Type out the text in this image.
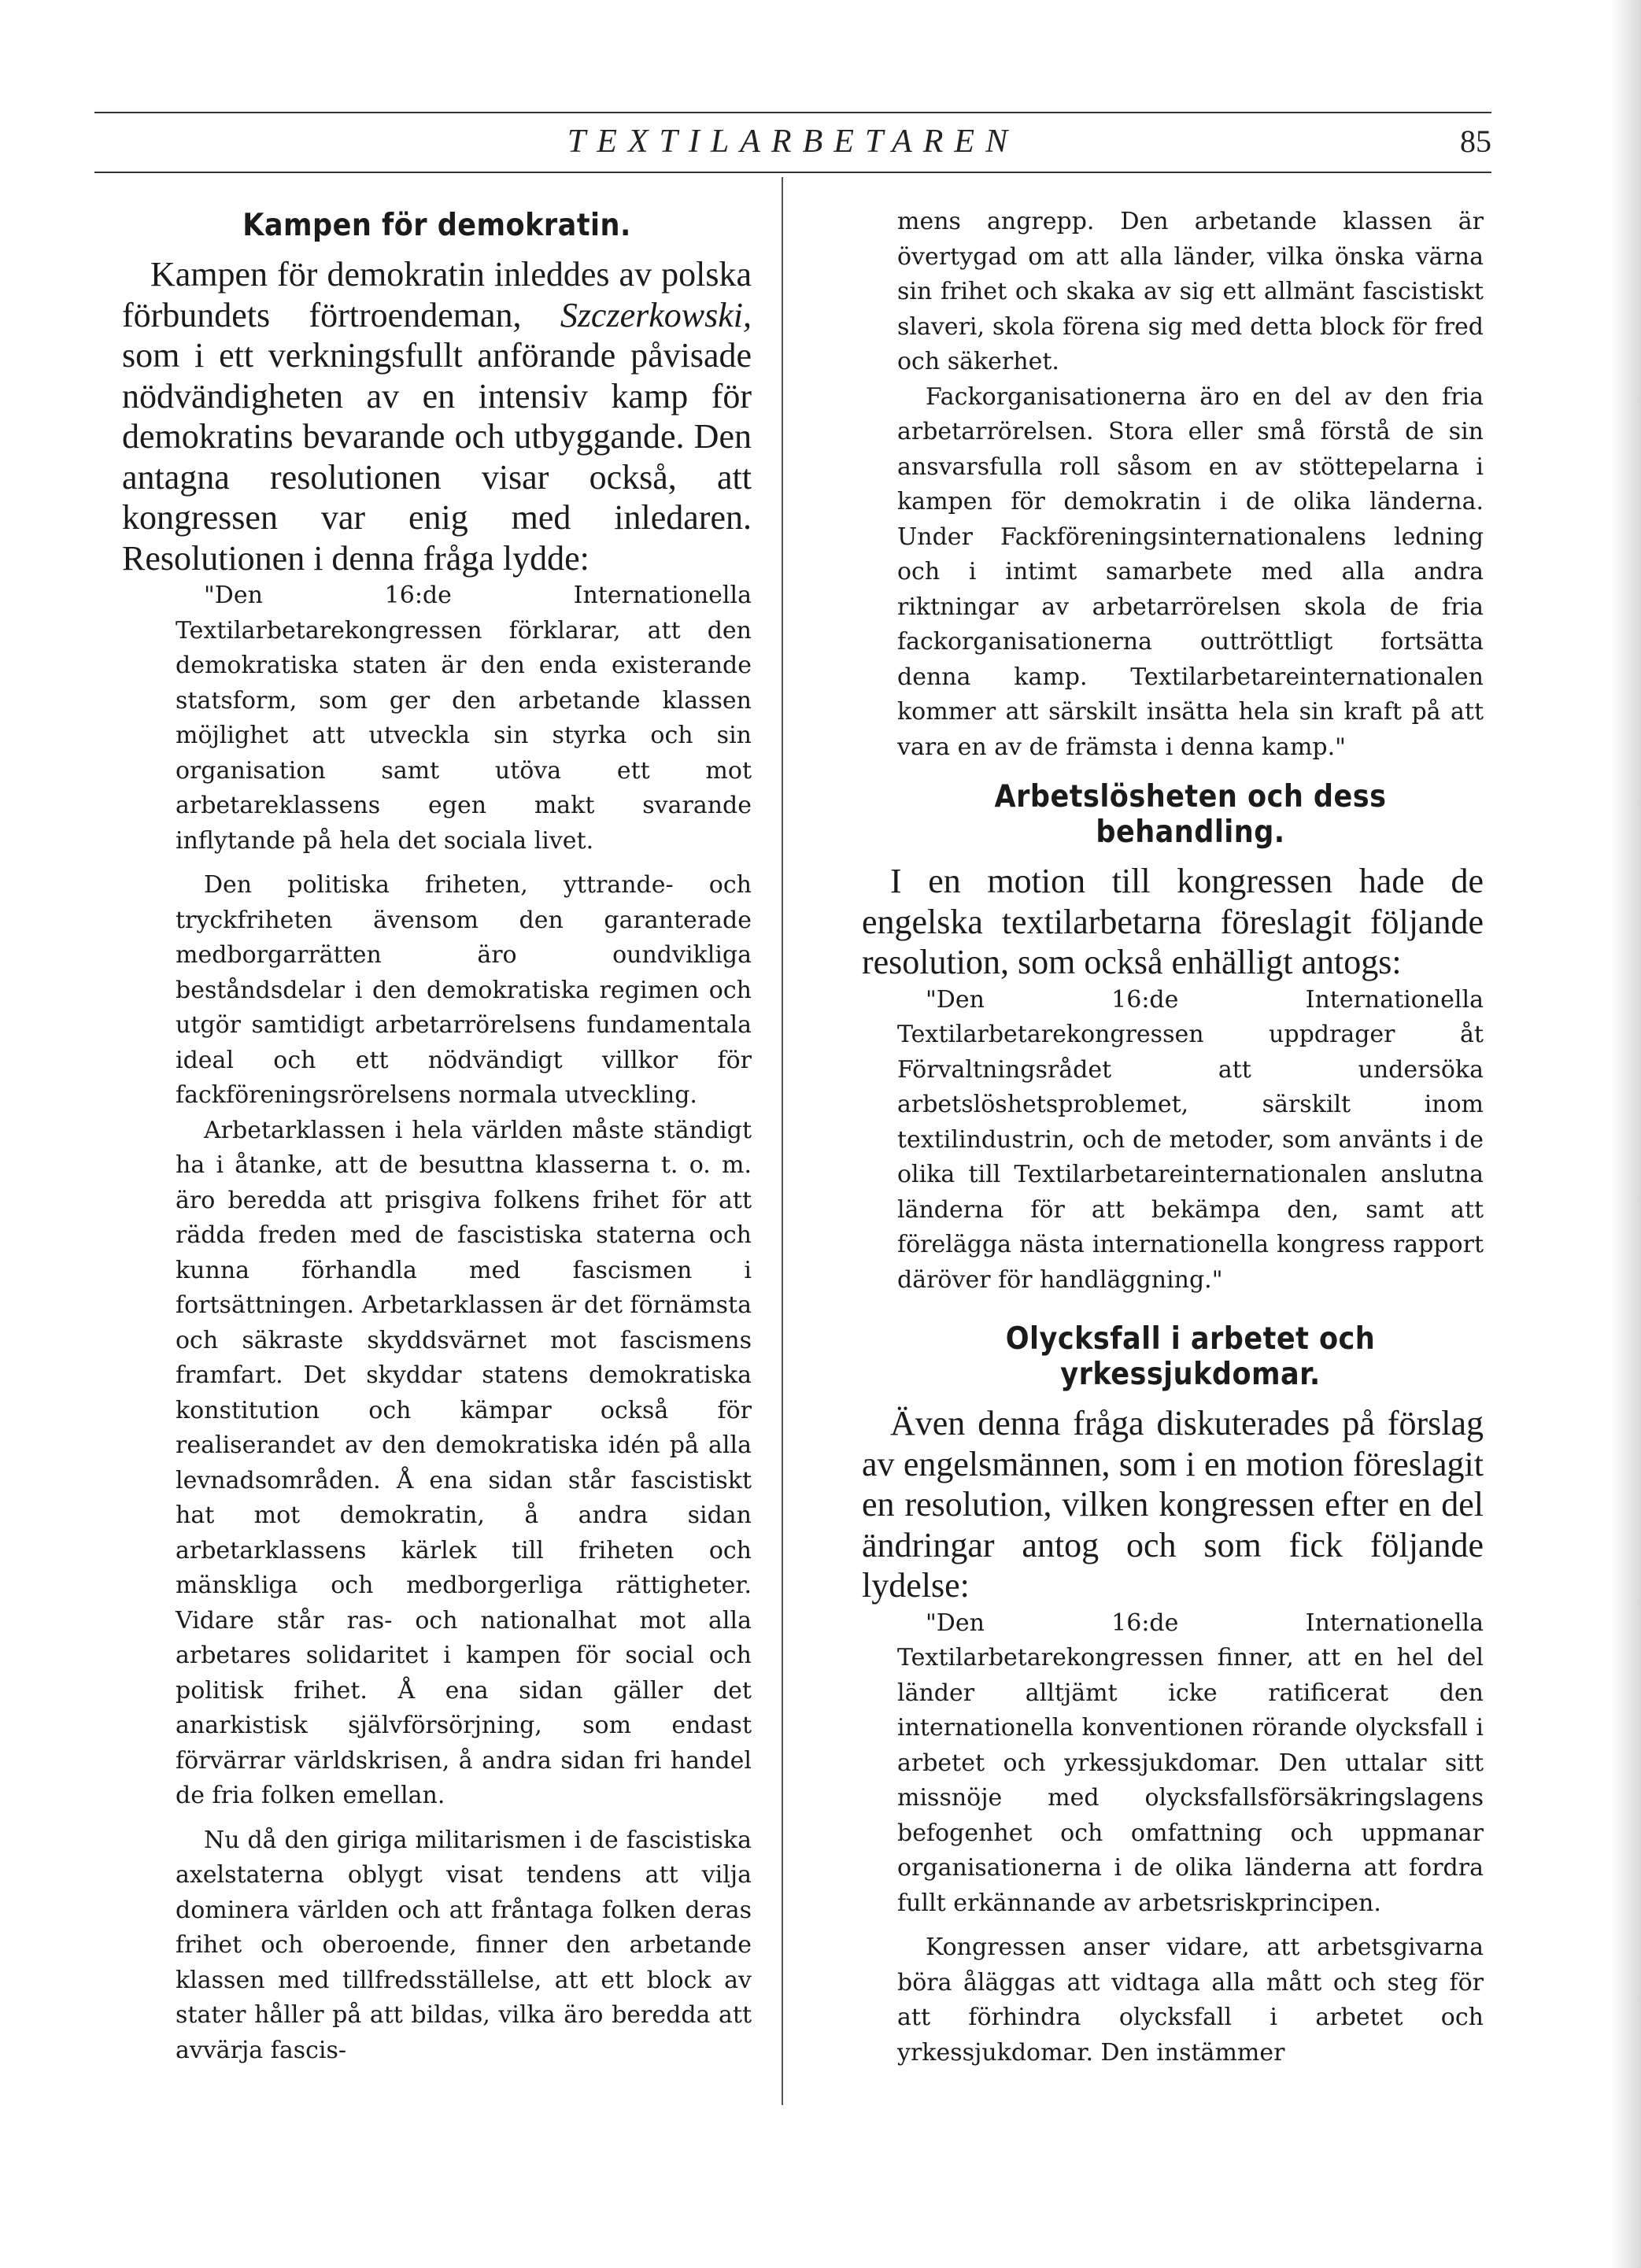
TEXTILARBETAREN	85
Kampen för demokratin.

Kampen för demokratin inleddes av polska förbundets förtroendeman, Szczerkowski, som i ett verkningsfullt anförande påvisade nödvändigheten av en intensiv kamp för demokratins bevarande och utbyggande. Den antagna resolutionen visar också, att kongressen var enig med inledaren. Resolutionen i denna fråga lydde:

"Den 16:de Internationella Textilarbetarekongressen förklarar, att den demokratiska staten är den enda existerande statsform, som ger den arbetande klassen möjlighet att utveckla sin styrka och sin organisation samt utöva ett mot arbetareklassens egen makt svarande inflytande på hela det sociala livet.

Den politiska friheten, yttrande- och tryckfriheten ävensom den garanterade medborgarrätten äro oundvikliga beståndsdelar i den demokratiska regimen och utgör samtidigt arbetarrörelsens fundamentala ideal och ett nödvändigt villkor för fackföreningsrörelsens normala utveckling.

Arbetarklassen i hela världen måste ständigt ha i åtanke, att de besuttna klasserna t. o. m. äro beredda att prisgiva folkens frihet för att rädda freden med de fascistiska staterna och kunna förhandla med fascismen i fortsättningen. Arbetarklassen är det förnämsta och säkraste skyddsvärnet mot fascismens framfart. Det skyddar statens demokratiska konstitution och kämpar också för realiserandet av den demokratiska idén på alla levnadsområden. Å ena sidan står fascistiskt hat mot demokratin, å andra sidan arbetarklassens kärlek till friheten och mänskliga och medborgerliga rättigheter. Vidare står ras- och nationalhat mot alla arbetares solidaritet i kampen för social och politisk frihet. Å ena sidan gäller det anarkistisk självförsörjning, som endast förvärrar världskrisen, å andra sidan fri handel de fria folken emellan.

Nu då den giriga militarismen i de fascistiska axelstaterna oblygt visat tendens att vilja dominera världen och att fråntaga folken deras frihet och oberoende, finner den arbetande klassen med tillfredsställelse, att ett block av stater håller på att bildas, vilka äro beredda att avvärja fascis-

mens angrepp. Den arbetande klassen är övertygad om att alla länder, vilka önska värna sin frihet och skaka av sig ett allmänt fascistiskt slaveri, skola förena sig med detta block för fred och säkerhet.

Fackorganisationerna äro en del av den fria arbetarrörelsen. Stora eller små förstå de sin ansvarsfulla roll såsom en av stöttepelarna i kampen för demokratin i de olika länderna. Under Fackföreningsinternationalens ledning och i intimt samarbete med alla andra riktningar av arbetarrörelsen skola de fria fackorganisationerna outtröttligt fortsätta denna kamp. Textilarbetareinternationalen kommer att särskilt insätta hela sin kraft på att vara en av de främsta i denna kamp."

Arbetslösheten och dess behandling.

I en motion till kongressen hade de engelska textilarbetarna föreslagit följande resolution, som också enhälligt antogs:

"Den 16:de Internationella Textilarbetarekongressen uppdrager åt Förvaltningsrådet att undersöka arbetslöshetsproblemet, särskilt inom textilindustrin, och de metoder, som använts i de olika till Textilarbetareinternationalen anslutna länderna för att bekämpa den, samt att förelägga nästa internationella kongress rapport däröver för handläggning."

Olycksfall i arbetet och yrkessjukdomar.

Även denna fråga diskuterades på förslag av engelsmännen, som i en motion föreslagit en resolution, vilken kongressen efter en del ändringar antog och som fick följande lydelse:

"Den 16:de Internationella Textilarbetarekongressen finner, att en hel del länder alltjämt icke ratificerat den internationella konventionen rörande olycksfall i arbetet och yrkessjukdomar. Den uttalar sitt missnöje med olycksfallsförsäkringslagens befogenhet och omfattning och uppmanar organisationerna i de olika länderna att fordra fullt erkännande av arbetsriskprincipen.

Kongressen anser vidare, att arbetsgivarna böra åläggas att vidtaga alla mått och steg för att förhindra olycksfall i arbetet och yrkessjukdomar. Den instämmer
